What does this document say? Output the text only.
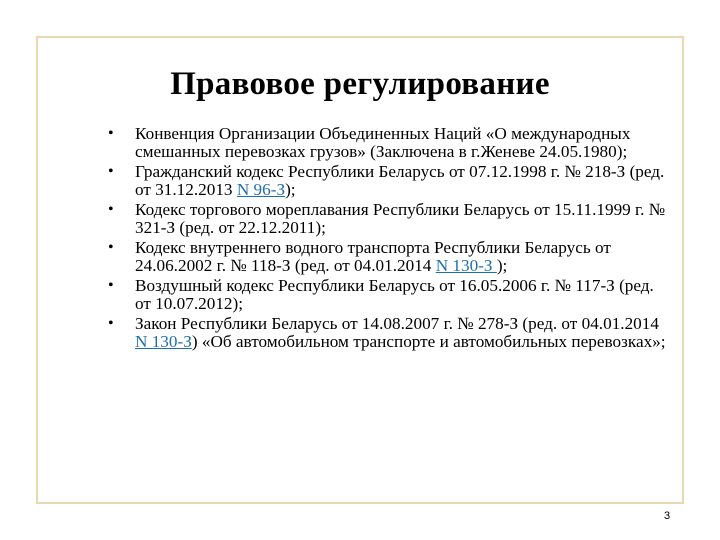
Правовое регулирование
•	Конвенция Организации Объединенных Наций «О международных смешанных перевозках грузов» (Заключена в г.Женеве 24.05.1980);
•	Гражданский кодекс Республики Беларусь от 07.12.1998 г. № 218-З (ред. от 31.12.2013 N 96-З);
•	Кодекс торгового мореплавания Республики Беларусь от 15.11.1999 г. № 321-З (ред. от 22.12.2011);
•	Кодекс внутреннего водного транспорта Республики Беларусь от 24.06.2002 г. № 118-З (ред. от 04.01.2014 N 130-З );
•	Воздушный кодекс Республики Беларусь от 16.05.2006 г. № 117-З (ред. от 10.07.2012);
•	Закон Республики Беларусь от 14.08.2007 г. № 278-З (ред. от 04.01.2014 N 130-З) «Об автомобильном транспорте и автомобильных перевозках»;
3
